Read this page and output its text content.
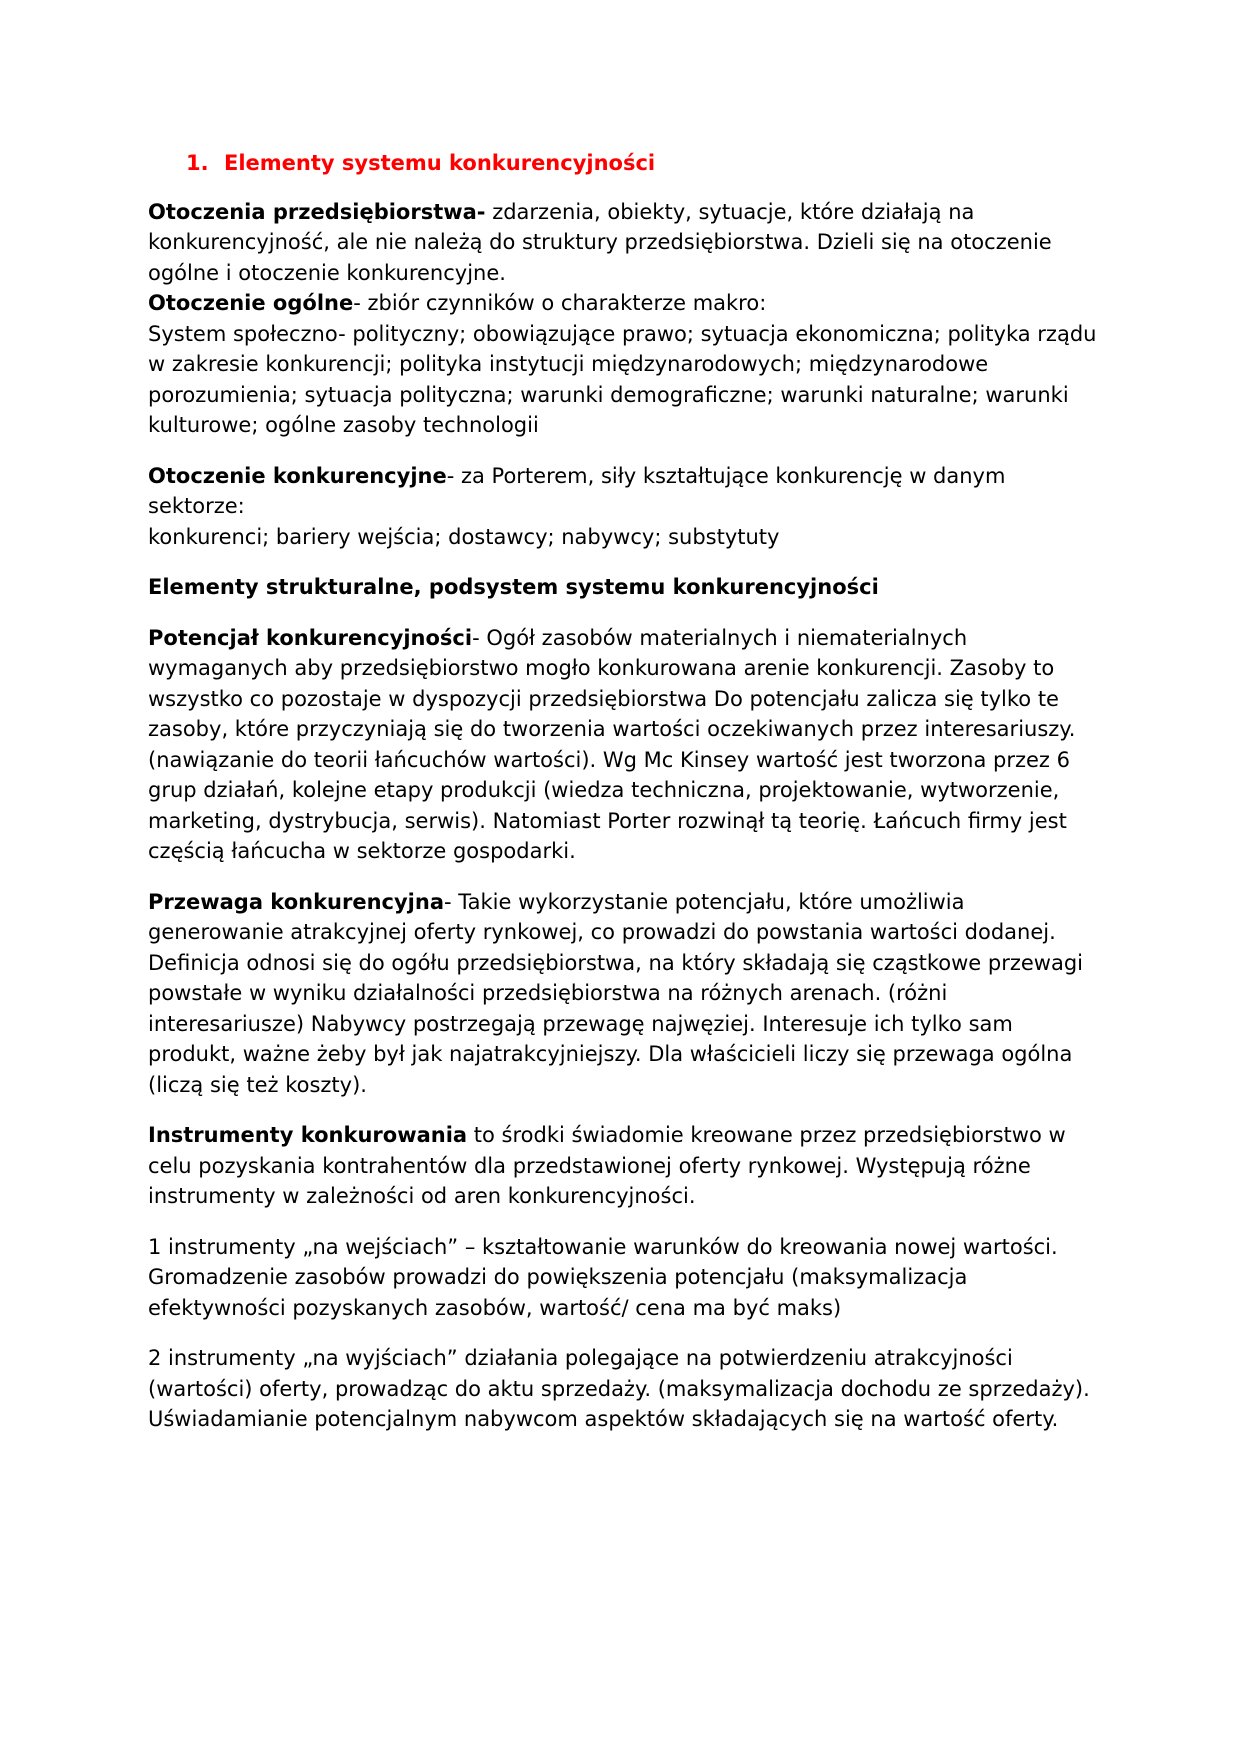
1. Elementy systemu konkurencyjności

Otoczenia przedsiębiorstwa- zdarzenia, obiekty, sytuacje, które działają na konkurencyjność, ale nie należą do struktury przedsiębiorstwa. Dzieli się na otoczenie ogólne i otoczenie konkurencyjne.

Otoczenie ogólne- zbiór czynników o charakterze makro:

System społeczno- polityczny; obowiązujące prawo; sytuacja ekonomiczna; polityka rządu w zakresie konkurencji; polityka instytucji międzynarodowych; międzynarodowe porozumienia; sytuacja polityczna; warunki demograficzne; warunki naturalne; warunki kulturowe; ogólne zasoby technologii

Otoczenie konkurencyjne- za Porterem, siły kształtujące konkurencję w danym sektorze:

konkurenci; bariery wejścia; dostawcy; nabywcy; substytuty

Elementy strukturalne, podsystem systemu konkurencyjności

Potencjał konkurencyjności- Ogół zasobów materialnych i niematerialnych wymaganych aby przedsiębiorstwo mogło konkurowana arenie konkurencji. Zasoby to wszystko co pozostaje w dyspozycji przedsiębiorstwa Do potencjału zalicza się tylko te zasoby, które przyczyniają się do tworzenia wartości oczekiwanych przez interesariuszy.(nawiązanie do teorii łańcuchów wartości). Wg Mc Kinsey wartość jest tworzona przez 6 grup działań, kolejne etapy produkcji (wiedza techniczna, projektowanie, wytworzenie, marketing, dystrybucja, serwis). Natomiast Porter rozwinął tą teorię. Łańcuch firmy jest częścią łańcucha w sektorze gospodarki.

Przewaga konkurencyjna- Takie wykorzystanie potencjału, które umożliwia generowanie atrakcyjnej oferty rynkowej, co prowadzi do powstania wartości dodanej. Definicja odnosi się do ogółu przedsiębiorstwa, na który składają się cząstkowe przewagi powstałe w wyniku działalności przedsiębiorstwa na różnych arenach. (różni interesariusze) Nabywcy postrzegają przewagę najwęziej. Interesuje ich tylko sam produkt, ważne żeby był jak najatrakcyjniejszy. Dla właścicieli liczy się przewaga ogólna (liczą się też koszty).

Instrumenty konkurowania to środki świadomie kreowane przez przedsiębiorstwo w celu pozyskania kontrahentów dla przedstawionej oferty rynkowej. Występują różne instrumenty w zależności od aren konkurencyjności.

1 instrumenty „na wejściach” – kształtowanie warunków do kreowania nowej wartości. Gromadzenie zasobów prowadzi do powiększenia potencjału (maksymalizacja efektywności pozyskanych zasobów, wartość/ cena ma być maks)

2 instrumenty „na wyjściach” działania polegające na potwierdzeniu atrakcyjności (wartości) oferty, prowadząc do aktu sprzedaży. (maksymalizacja dochodu ze sprzedaży). Uświadamianie potencjalnym nabywcom aspektów składających się na wartość oferty.
